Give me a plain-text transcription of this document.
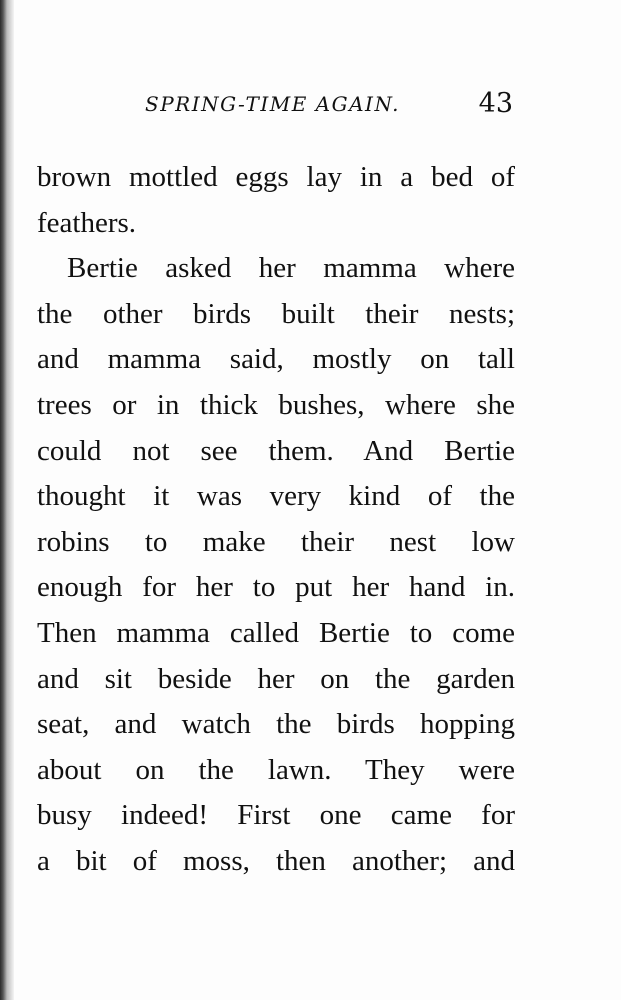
SPRING-TIME AGAIN.	43
brown mottled eggs lay in a bed of
feathers.
Bertie asked her mamma where
the other birds built their nests;
and mamma said, mostly on tall
trees or in thick bushes, where she
could not see them. And Bertie
thought it was very kind of the
robins to make their nest low
enough for her to put her hand in.
Then mamma called Bertie to come
and sit beside her on the garden
seat, and watch the birds hopping
about on the lawn. They were
busy indeed! First one came for
a bit of moss, then another; and
